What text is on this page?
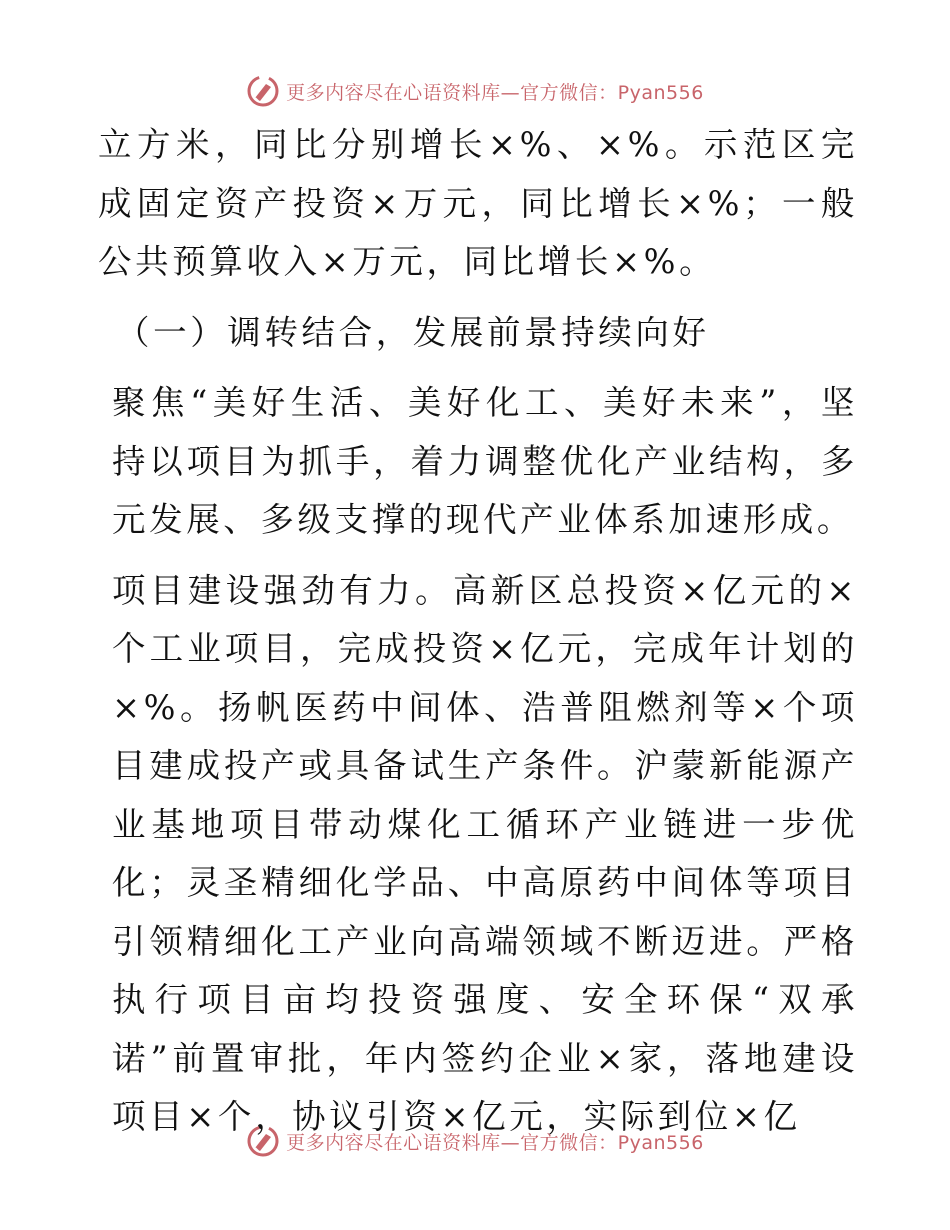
更多内容尽在心语资料库—官方微信：Pyan556

立方米，同比分别增长×%、×%。示范区完成固定资产投资×万元，同比增长×%；一般公共预算收入×万元，同比增长×%。

（一）调转结合，发展前景持续向好

聚焦“美好生活、美好化工、美好未来”，坚持以项目为抓手，着力调整优化产业结构，多元发展、多级支撑的现代产业体系加速形成。

项目建设强劲有力。高新区总投资×亿元的×个工业项目，完成投资×亿元，完成年计划的×%。扬帆医药中间体、浩普阻燃剂等×个项目建成投产或具备试生产条件。沪蒙新能源产业基地项目带动煤化工循环产业链进一步优化；灵圣精细化学品、中高原药中间体等项目引领精细化工产业向高端领域不断迈进。严格执行项目亩均投资强度、安全环保“双承诺”前置审批，年内签约企业×家，落地建设项目×个，协议引资×亿元，实际到位×亿

更多内容尽在心语资料库—官方微信：Pyan556
